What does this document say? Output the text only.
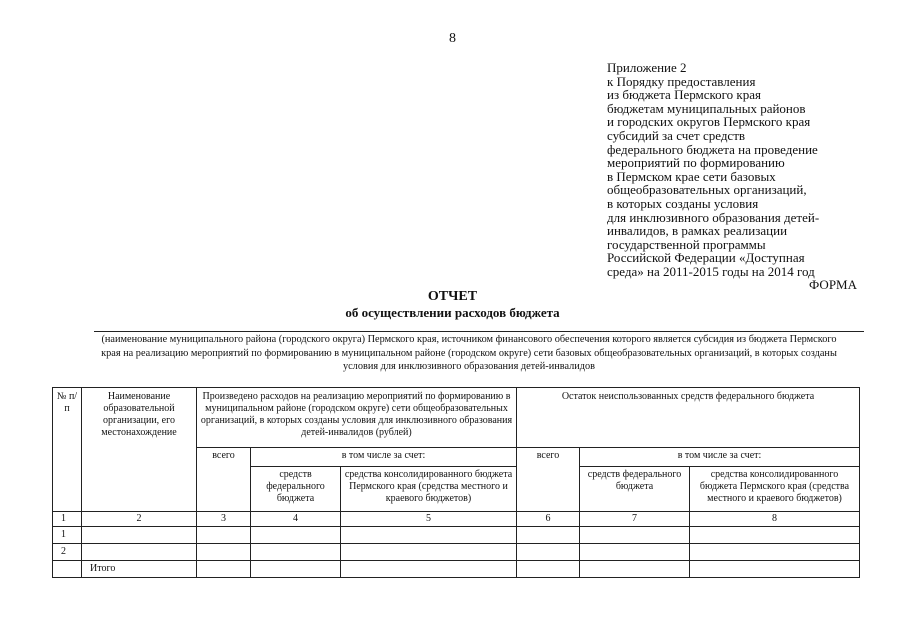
8
Приложение 2
к Порядку предоставления
из бюджета Пермского края
бюджетам муниципальных районов
и городских округов Пермского края
субсидий за счет средств
федерального бюджета на проведение
мероприятий по формированию
в Пермском крае сети базовых
общеобразовательных организаций,
в которых созданы условия
для инклюзивного образования детей-
инвалидов, в рамках реализации
государственной программы
Российской Федерации «Доступная
среда» на 2011-2015 годы на 2014 год
ФОРМА
ОТЧЕТ
об осуществлении расходов бюджета
(наименование муниципального района (городского округа) Пермского края, источником финансового обеспечения которого является субсидия из бюджета Пермского
края на реализацию мероприятий по формированию в муниципальном районе (городском округе) сети базовых общеобразовательных организаций, в которых созданы
условия для инклюзивного образования детей-инвалидов
№ п/п	Наименование образовательной организации, его местонахождение	Произведено расходов на реализацию мероприятий по формированию в муниципальном районе (городском округе) сети общеобразовательных организаций, в которых созданы условия для инклюзивного образования детей-инвалидов (рублей)			Остаток неиспользованных средств федерального бюджета		
		всего	в том числе за счет:		всего	в том числе за счет:	
			средств федерального бюджета	средства консолидированного бюджета Пермского края (средства местного и краевого бюджетов)		средств федерального бюджета	средства консолидированного бюджета Пермского края (средства местного и краевого бюджетов)
1	2	3	4	5	6	7	8
1							
2							
	Итого						
